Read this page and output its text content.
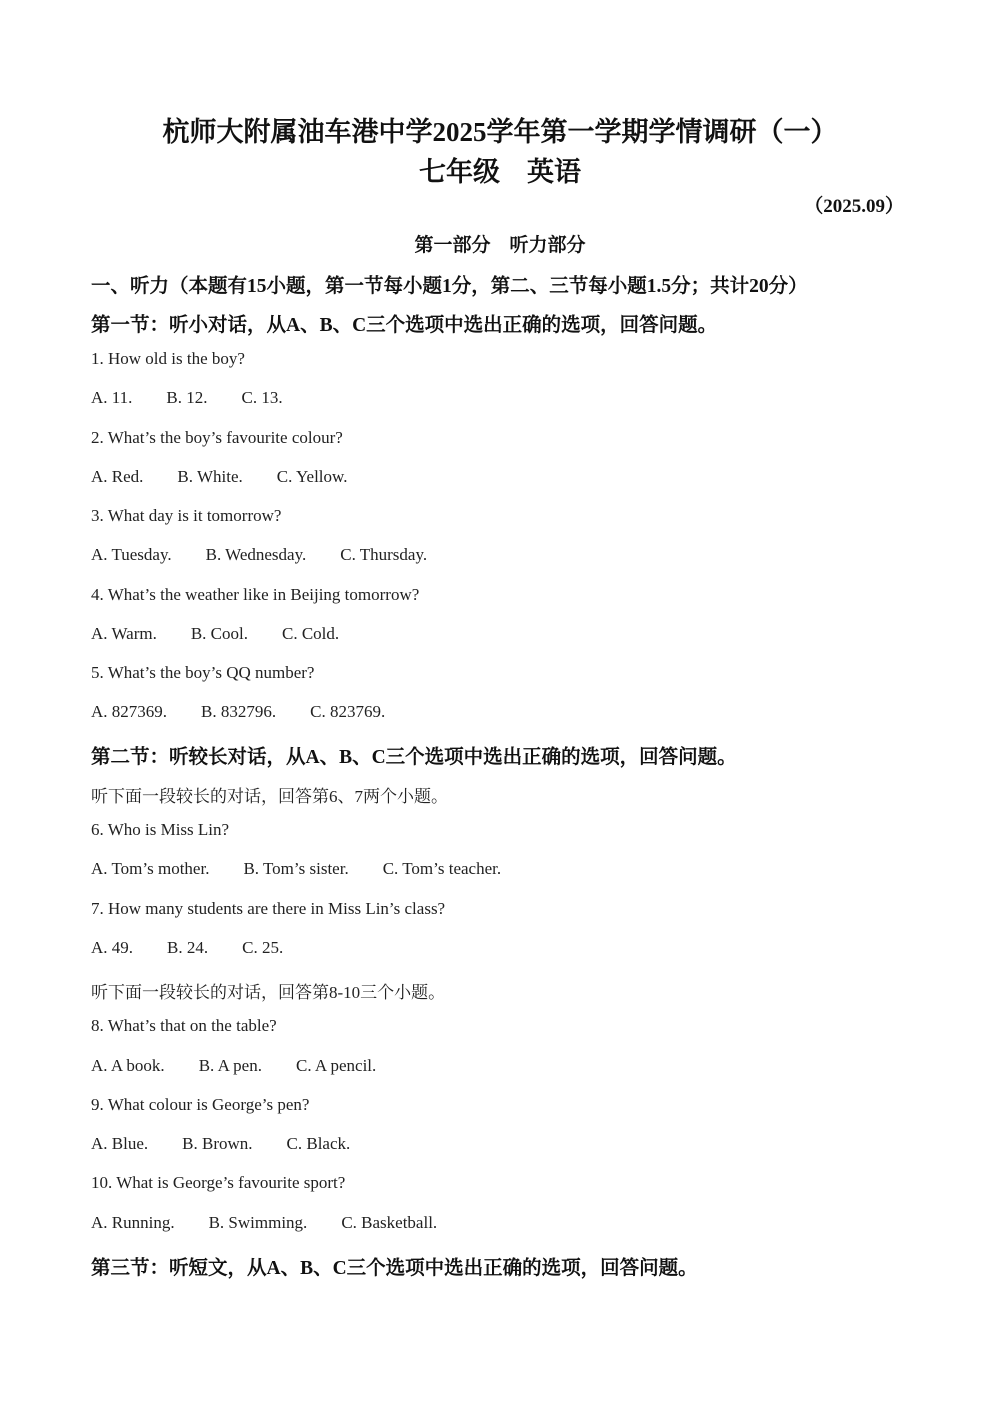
杭师大附属油车港中学2025学年第一学期学情调研（一）
七年级　英语
（2025.09）
第一部分　听力部分
一、听力（本题有15小题，第一节每小题1分，第二、三节每小题1.5分；共计20分）
第一节：听小对话，从A、B、C三个选项中选出正确的选项，回答问题。
1. How old is the boy?
A. 11. B. 12. C. 13.
2. What’s the boy’s favourite colour?
A. Red. B. White. C. Yellow.
3. What day is it tomorrow?
A. Tuesday. B. Wednesday. C. Thursday.
4. What’s the weather like in Beijing tomorrow?
A. Warm. B. Cool. C. Cold.
5. What’s the boy’s QQ number?
A. 827369. B. 832796. C. 823769.
第二节：听较长对话，从A、B、C三个选项中选出正确的选项，回答问题。
听下面一段较长的对话，回答第6、7两个小题。
6. Who is Miss Lin?
A. Tom’s mother. B. Tom’s sister. C. Tom’s teacher.
7. How many students are there in Miss Lin’s class?
A. 49. B. 24. C. 25.
听下面一段较长的对话，回答第8-10三个小题。
8. What’s that on the table?
A. A book. B. A pen. C. A pencil.
9. What colour is George’s pen?
A. Blue. B. Brown. C. Black.
10. What is George’s favourite sport?
A. Running. B. Swimming. C. Basketball.
第三节：听短文，从A、B、C三个选项中选出正确的选项，回答问题。
